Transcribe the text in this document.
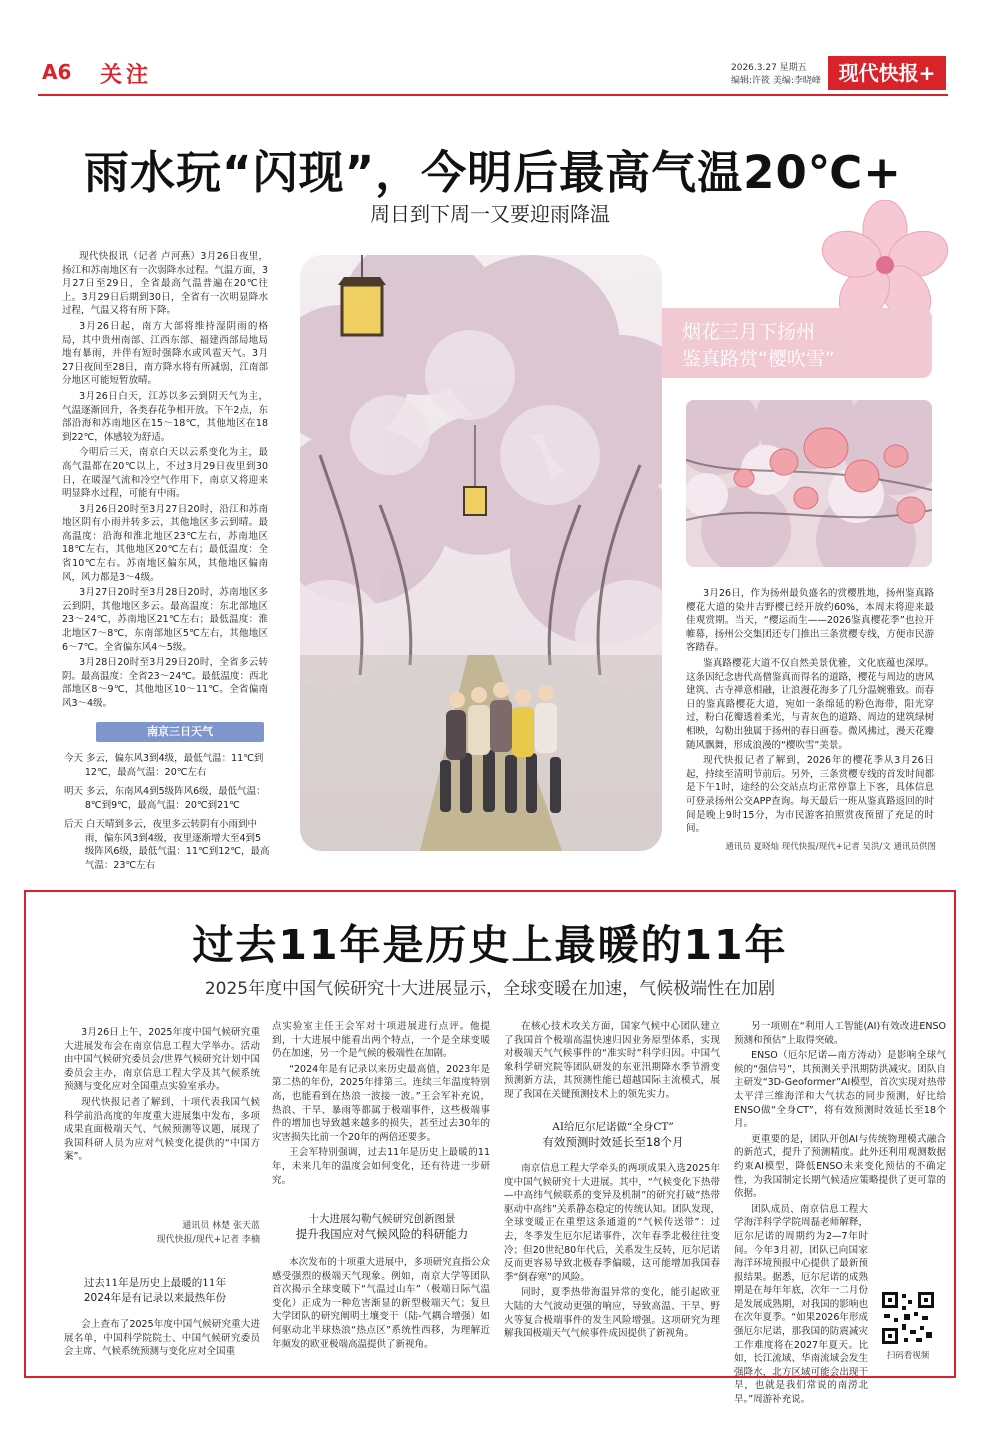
A6 关注	2026.3.27 星期五
编辑:许筱 美编:李晓峰 现代快报+
雨水玩“闪现”，今明后最高气温20℃+
周日到下周一又要迎雨降温

现代快报讯（记者 卢河燕）3月26日夜里，扬江和苏南地区有一次弱降水过程。气温方面，3月27日至29日，全省最高气温普遍在20℃往上。3月29日后期到30日，全省有一次明显降水过程，气温又将有所下降。

3月26日起，南方大部将维持湿阴雨的格局，其中贵州南部、江西东部、福建西部局地局地有暴雨，并伴有短时强降水或风雹天气。3月27日夜间至28日，南方降水将有所减弱，江南部分地区可能短暂放晴。

3月26日白天，江苏以多云到阴天气为主，气温逐渐回升，各类春花争相开放。下午2点，东部沿海和苏南地区在15～18℃，其他地区在18到22℃，体感较为舒适。

今明后三天，南京白天以云系变化为主，最高气温都在20℃以上，不过3月29日夜里到30日，在暖湿气流和冷空气作用下，南京又将迎来明显降水过程，可能有中雨。

3月26日20时至3月27日20时，沿江和苏南地区阴有小雨并转多云，其他地区多云到晴。最高温度：沿海和淮北地区23℃左右，苏南地区18℃左右，其他地区20℃左右；最低温度：全省10℃左右。苏南地区偏东风，其他地区偏南风，风力都是3～4级。

3月27日20时至3月28日20时，苏南地区多云到阴，其他地区多云。最高温度：东北部地区23～24℃，苏南地区21℃左右；最低温度：淮北地区7～8℃，东南部地区5℃左右，其他地区6～7℃。全省偏东风4～5级。

3月28日20时至3月29日20时，全省多云转阴。最高温度：全省23～24℃。最低温度：西北部地区8～9℃，其他地区10～11℃。全省偏南风3～4级。

南京三日天气
今天 多云，偏东风3到4级，最低气温：11℃到12℃，最高气温：20℃左右
明天 多云，东南风4到5级阵风6级，最低气温：8℃到9℃，最高气温：20℃到21℃
后天 白天晴到多云，夜里多云转阴有小雨到中雨，偏东风3到4级，夜里逐渐增大至4到5级阵风6级，最低气温：11℃到12℃，最高气温：23℃左右
烟花三月下扬州
鉴真路赏“樱吹雪”

3月26日，作为扬州最负盛名的赏樱胜地，扬州鉴真路樱花大道的染井吉野樱已经开放约60%，本周末将迎来最佳观赏期。当天，“樱运而生——2026鉴真樱花季”也拉开帷幕，扬州公交集团还专门推出三条赏樱专线，方便市民游客踏春。

鉴真路樱花大道不仅自然美景优雅，文化底蕴也深厚。这条因纪念唐代高僧鉴真而得名的道路，樱花与周边的唐风建筑、古寺禅意相融，让浪漫花海多了几分温婉雅致。而春日的鉴真路樱花大道，宛如一条绵延的粉色海带，阳光穿过，粉白花瓣透着柔光，与青灰色的道路、周边的建筑绿树相映，勾勒出独属于扬州的春日画卷。微风拂过，漫天花瓣随风飘舞，形成浪漫的“樱吹雪”美景。

现代快报记者了解到，2026年的樱花季从3月26日起，持续至清明节前后。另外，三条赏樱专线的首发时间都是下午1时，途经的公交站点均正常停靠上下客，具体信息可登录扬州公交APP查询。每天最后一班从鉴真路返回的时间是晚上9时15分，为市民游客拍照赏夜预留了充足的时间。

通讯员 夏晓灿 现代快报/现代+记者 吴洪/文 通讯员供图
过去11年是历史上最暖的11年
2025年度中国气候研究十大进展显示，全球变暖在加速，气候极端性在加剧

3月26日上午，2025年度中国气候研究重大进展发布会在南京信息工程大学举办。活动由中国气候研究委员会/世界气候研究计划中国委员会主办，南京信息工程大学及其气候系统预测与变化应对全国重点实验室承办。

现代快报记者了解到，十项代表我国气候科学前沿高度的年度重大进展集中发布，多项成果直面极端天气、气候预测等议题，展现了我国科研人员为应对气候变化提供的“中国方案”。

通讯员 林楚 张天蓝
现代快报/现代+记者 李楠
过去11年是历史上最暖的11年
2024年是有记录以来最热年份

会上查布了2025年度中国气候研究重大进展名单，中国科学院院士、中国气候研究委员会主席、气候系统预测与变化应对全国重

点实验室主任王会军对十项进展进行点评。他提到，十大进展中能看出两个特点，一个是全球变暖仍在加速，另一个是气候的极端性在加剧。

“2024年是有记录以来历史最高值，2023年是第二热的年份，2025年排第三。连续三年温度特别高，也能看到在热浪一波接一波。”王会军补充说，热浪、干旱、暴雨等都属于极端事件，这些极端事件的增加也导致越来越多的损失，甚至过去30年的灾害损失比前一个20年的两倍还要多。

王会军特别强调，过去11年是历史上最暖的11年，未来几年的温度会如何变化，还有待进一步研究。

十大进展勾勒气候研究创新图景
提升我国应对气候风险的科研能力

本次发布的十项重大进展中，多项研究直指公众感受强烈的极端天气现象。例如，南京大学等团队首次揭示全球变暖下“气温过山车”（极端日际气温变化）正成为一种危害渐显的新型极端天气；复旦大学团队的研究阐明土壤变干（陆-气耦合增强）如何驱动北半球热浪“热点区”系统性西移，为理解近年频发的欧亚极端高温提供了新视角。

在核心技术攻关方面，国家气候中心团队建立了我国首个极端高温快速归因业务原型体系，实现对极端天气气候事件的“准实时”科学归因。中国气象科学研究院等团队研发的东亚汛期降水季节滑变预测新方法，其预测性能已超越国际主流模式，展现了我国在关键预测技术上的领先实力。

AI给厄尔尼诺做“全身CT”
有效预测时效延长至18个月

南京信息工程大学牵头的两项成果入选2025年度中国气候研究十大进展。其中，“气候变化下热带—中高纬气候联系的变异及机制”的研究打破“热带驱动中高纬”关系静态稳定的传统认知。团队发现，全球变暖正在重塑这条通道的“气候传送带”：过去，冬季发生厄尔尼诺事件，次年春季北极往往变冷；但20世纪80年代后，关系发生反转，厄尔尼诺反而更容易导致北极春季偏暖，这可能增加我国春季“倒春寒”的风险。

同时，夏季热带海温异常的变化，能引起欧亚大陆的大气波动更强的响应，导致高温、干旱、野火等复合极端事件的发生风险增强。这项研究为理解我国极端天气气候事件成因提供了新视角。

另一项则在“利用人工智能(AI)有效改进ENSO预测和预估”上取得突破。

ENSO（厄尔尼诺—南方涛动）是影响全球气候的“强信号”，其预测关乎汛期防洪减灾。团队自主研发“3D-Geoformer”AI模型，首次实现对热带太平洋三维海洋和大气状态的同步预测，好比给ENSO做“全身CT”，将有效预测时效延长至18个月。

更重要的是，团队开创AI与传统物理模式融合的新范式，提升了预测精度。此外还利用观测数据约束AI模型，降低ENSO未来变化预估的不确定性，为我国制定长期气候适应策略提供了更可靠的依据。

团队成员、南京信息工程大学海洋科学学院周磊老师解释，厄尔尼诺的周期约为2—7年时间。今年3月初，团队已向国家海洋环境预报中心提供了最新预报结果。据悉，厄尔尼诺的成熟期是在每年年底，次年一二月份是发展成熟期，对我国的影响也在次年夏季。“如果2026年形成强厄尔尼诺，那我国的防震减灾工作难度将在2027年夏天。比如，长江流域、华南流域会发生强降水，北方区域可能会出现干旱，也就是我们常说的南涝北旱。”周游补充说。

扫码看视频
